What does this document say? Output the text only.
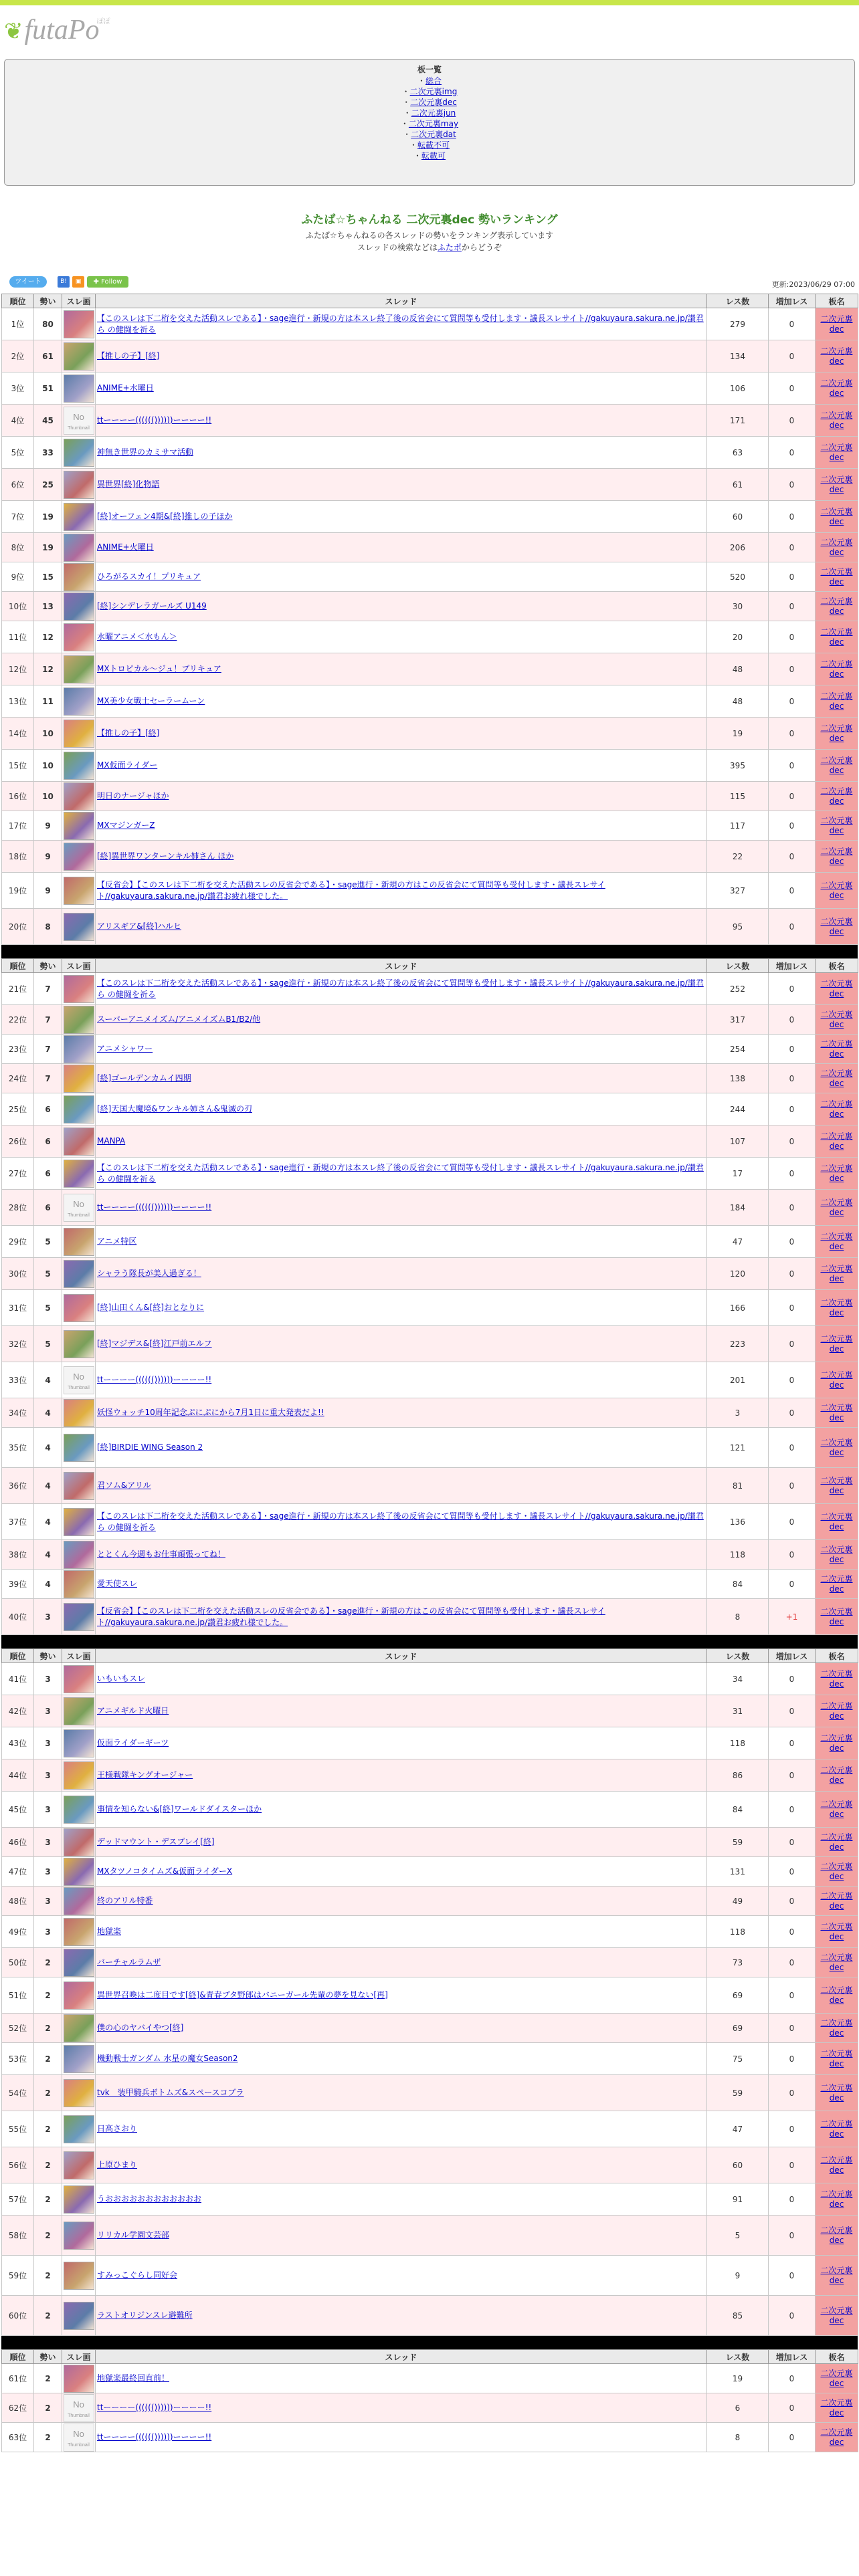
❦futaPo
ぽぽ
板一覧
・総合
・二次元裏img
・二次元裏dec
・二次元裏jun
・二次元裏may
・二次元裏dat
・転載不可
・転載可
ふたば☆ちゃんねる 二次元裏dec 勢いランキング
ふたば☆ちゃんねるの各スレッドの勢いをランキング表示しています
スレッドの検索などはふたポからどうぞ
ツイート	B!	▣	✚ Follow	更新:2023/06/29 07:00
順位	勢い	スレ画	スレッド	レス数	増加レス	板名
1位	80		【このスレは下二桁を交えた活動スレである】・sage進行・新規の方は本スレ終了後の反省会にて質問等も受付します・議長スレサイト//gakuyaura.sakura.ne.jp/讃君ら の健闘を祈る	279	0	二次元裏
dec
2位	61		【推しの子】[終]	134	0	二次元裏
dec
3位	51		ANIME+水曜日	106	0	二次元裏
dec
4位	45	No
Thumbnail	ttーーーー(((((())))))ーーーー!!	171	0	二次元裏
dec
5位	33		神無き世界のカミサマ活動	63	0	二次元裏
dec
6位	25		異世界[終]化物語	61	0	二次元裏
dec
7位	19		[終]オーフェン4期&[終]推しの子ほか	60	0	二次元裏
dec
8位	19		ANIME+火曜日	206	0	二次元裏
dec
9位	15		ひろがるスカイ！プリキュア	520	0	二次元裏
dec
10位	13		[終]シンデレラガールズ U149	30	0	二次元裏
dec
11位	12		水曜アニメ＜水もん＞	20	0	二次元裏
dec
12位	12		MXトロピカル〜ジュ！プリキュア	48	0	二次元裏
dec
13位	11		MX美少女戦士セーラームーン	48	0	二次元裏
dec
14位	10		【推しの子】[終]	19	0	二次元裏
dec
15位	10		MX仮面ライダー	395	0	二次元裏
dec
16位	10		明日のナージャほか	115	0	二次元裏
dec
17位	9		MXマジンガーZ	117	0	二次元裏
dec
18位	9		[終]異世界ワンターンキル姉さん ほか	22	0	二次元裏
dec
19位	9		【反省会】【このスレは下二桁を交えた活動スレの反省会である】・sage進行・新規の方はこの反省会にて質問等も受付します・議長スレサイト//gakuyaura.sakura.ne.jp/讃君お疲れ様でした。	327	0	二次元裏
dec
20位	8		アリスギア&[終]ハルヒ	95	0	二次元裏
dec
順位	勢い	スレ画	スレッド	レス数	増加レス	板名
21位	7		【このスレは下二桁を交えた活動スレである】・sage進行・新規の方は本スレ終了後の反省会にて質問等も受付します・議長スレサイト//gakuyaura.sakura.ne.jp/讃君ら の健闘を祈る	252	0	二次元裏
dec
22位	7		スーパーアニメイズム/アニメイズムB1/B2/他	317	0	二次元裏
dec
23位	7		アニメシャワー	254	0	二次元裏
dec
24位	7		[終]ゴールデンカムイ四期	138	0	二次元裏
dec
25位	6		[終]天国大魔境&ワンキル姉さん&鬼滅の刃	244	0	二次元裏
dec
26位	6		MANPA	107	0	二次元裏
dec
27位	6		【このスレは下二桁を交えた活動スレである】・sage進行・新規の方は本スレ終了後の反省会にて質問等も受付します・議長スレサイト//gakuyaura.sakura.ne.jp/讃君ら の健闘を祈る	17	0	二次元裏
dec
28位	6	No
Thumbnail	ttーーーー(((((())))))ーーーー!!	184	0	二次元裏
dec
29位	5		アニメ特区	47	0	二次元裏
dec
30位	5		シャラう隊長が美人過ぎる！	120	0	二次元裏
dec
31位	5		[終]山田くん&[終]おとなりに	166	0	二次元裏
dec
32位	5		[終]マジデス&[終]江戸前エルフ	223	0	二次元裏
dec
33位	4	No
Thumbnail	ttーーーー(((((())))))ーーーー!!	201	0	二次元裏
dec
34位	4		妖怪ウォッチ10周年記念ぷにぷにから7月1日に重大発表だよ!!	3	0	二次元裏
dec
35位	4		[終]BIRDIE WING Season 2	121	0	二次元裏
dec
36位	4		君ソム&アリル	81	0	二次元裏
dec
37位	4		【このスレは下二桁を交えた活動スレである】・sage進行・新規の方は本スレ終了後の反省会にて質問等も受付します・議長スレサイト//gakuyaura.sakura.ne.jp/讃君ら の健闘を祈る	136	0	二次元裏
dec
38位	4		ととくん今週もお仕事頑張ってね！	118	0	二次元裏
dec
39位	4		愛天使スレ	84	0	二次元裏
dec
40位	3		【反省会】【このスレは下二桁を交えた活動スレの反省会である】・sage進行・新規の方はこの反省会にて質問等も受付します・議長スレサイト//gakuyaura.sakura.ne.jp/讃君お疲れ様でした。	8	+1	二次元裏
dec
順位	勢い	スレ画	スレッド	レス数	増加レス	板名
41位	3		いもいもスレ	34	0	二次元裏
dec
42位	3		アニメギルド火曜日	31	0	二次元裏
dec
43位	3		仮面ライダーギーツ	118	0	二次元裏
dec
44位	3		王様戦隊キングオージャー	86	0	二次元裏
dec
45位	3		事情を知らない&[終]ワールドダイスターほか	84	0	二次元裏
dec
46位	3		デッドマウント・デスプレイ[終]	59	0	二次元裏
dec
47位	3		MXタツノコタイムズ&仮面ライダーX	131	0	二次元裏
dec
48位	3		終のアリル特番	49	0	二次元裏
dec
49位	3		地獄楽	118	0	二次元裏
dec
50位	2		バーチャルラムザ	73	0	二次元裏
dec
51位	2		異世界召喚は二度目です[終]&青春ブタ野郎はバニーガール先輩の夢を見ない[再]	69	0	二次元裏
dec
52位	2		僕の心のヤバイやつ[終]	69	0	二次元裏
dec
53位	2		機動戦士ガンダム 水星の魔女Season2	75	0	二次元裏
dec
54位	2		tvk　装甲騎兵ボトムズ&スペースコブラ	59	0	二次元裏
dec
55位	2		日高さおり	47	0	二次元裏
dec
56位	2		上原ひまり	60	0	二次元裏
dec
57位	2		うおおおおおおおおおおおお	91	0	二次元裏
dec
58位	2		リリカル学園文芸部	5	0	二次元裏
dec
59位	2		すみっこぐらし同好会	9	0	二次元裏
dec
60位	2		ラストオリジンスレ避難所	85	0	二次元裏
dec
順位	勢い	スレ画	スレッド	レス数	増加レス	板名
61位	2		地獄楽最終回直前！	19	0	二次元裏
dec
62位	2	No
Thumbnail	ttーーーー(((((())))))ーーーー!!	6	0	二次元裏
dec
63位	2	No
Thumbnail	ttーーーー(((((())))))ーーーー!!	8	0	二次元裏
dec
